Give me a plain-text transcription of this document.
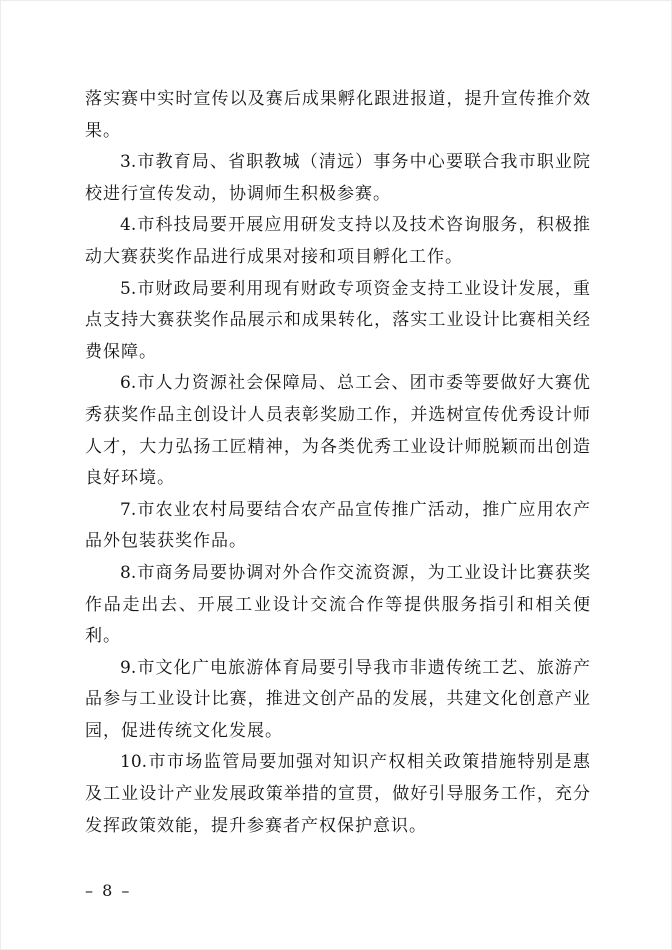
落实赛中实时宣传以及赛后成果孵化跟进报道，提升宣传推介效
果。
3.市教育局、省职教城（清远）事务中心要联合我市职业院
校进行宣传发动，协调师生积极参赛。
4.市科技局要开展应用研发支持以及技术咨询服务，积极推
动大赛获奖作品进行成果对接和项目孵化工作。
5.市财政局要利用现有财政专项资金支持工业设计发展，重
点支持大赛获奖作品展示和成果转化，落实工业设计比赛相关经
费保障。
6.市人力资源社会保障局、总工会、团市委等要做好大赛优
秀获奖作品主创设计人员表彰奖励工作，并选树宣传优秀设计师
人才，大力弘扬工匠精神，为各类优秀工业设计师脱颖而出创造
良好环境。
7.市农业农村局要结合农产品宣传推广活动，推广应用农产
品外包装获奖作品。
8.市商务局要协调对外合作交流资源，为工业设计比赛获奖
作品走出去、开展工业设计交流合作等提供服务指引和相关便
利。
9.市文化广电旅游体育局要引导我市非遗传统工艺、旅游产
品参与工业设计比赛，推进文创产品的发展，共建文化创意产业
园，促进传统文化发展。
10.市市场监管局要加强对知识产权相关政策措施特别是惠
及工业设计产业发展政策举措的宣贯，做好引导服务工作，充分
发挥政策效能，提升参赛者产权保护意识。
– 8 –
